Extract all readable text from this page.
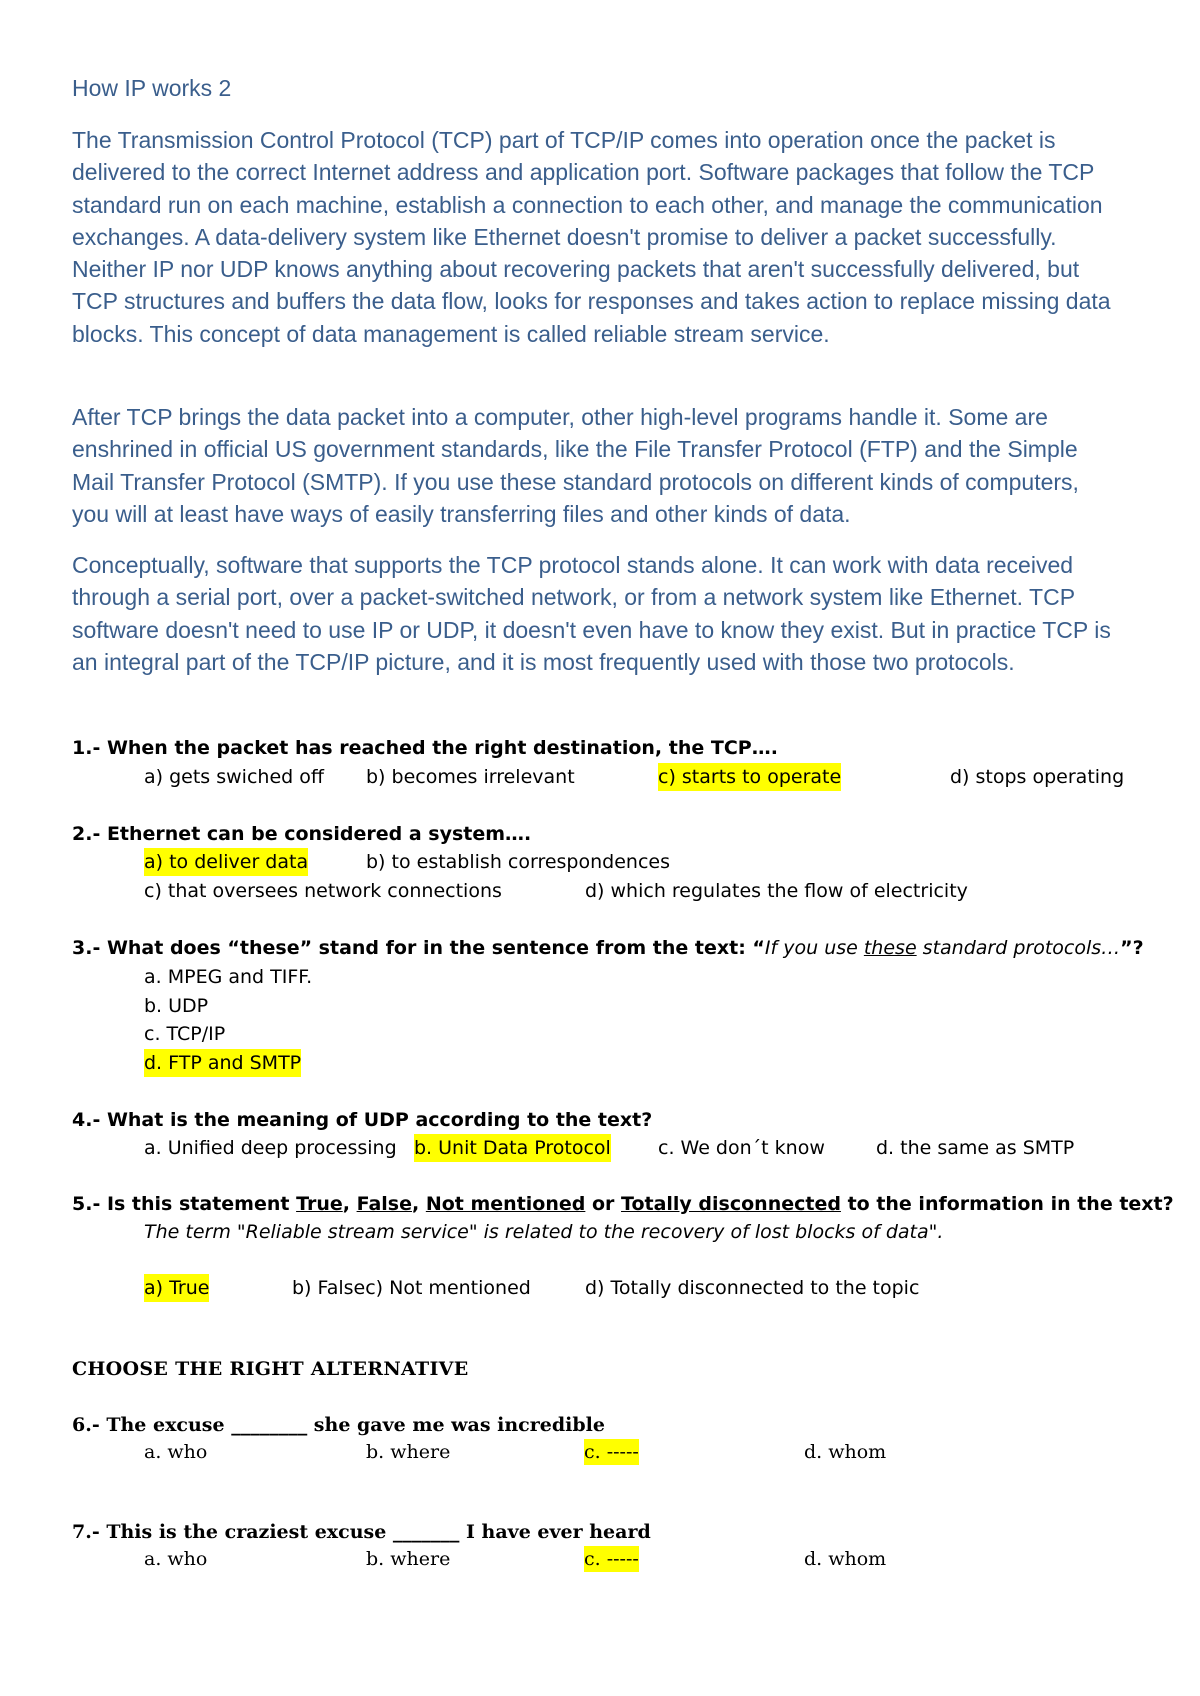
How IP works 2

The Transmission Control Protocol (TCP) part of TCP/IP comes into operation once the packet is delivered to the correct Internet address and application port. Software packages that follow the TCP standard run on each machine, establish a connection to each other, and manage the communication exchanges. A data-delivery system like Ethernet doesn't promise to deliver a packet successfully. Neither IP nor UDP knows anything about recovering packets that aren't successfully delivered, but TCP structures and buffers the data flow, looks for responses and takes action to replace missing data blocks. This concept of data management is called reliable stream service.

After TCP brings the data packet into a computer, other high-level programs handle it. Some are enshrined in official US government standards, like the File Transfer Protocol (FTP) and the Simple Mail Transfer Protocol (SMTP). If you use these standard protocols on different kinds of computers, you will at least have ways of easily transferring files and other kinds of data.

Conceptually, software that supports the TCP protocol stands alone. It can work with data received through a serial port, over a packet-switched network, or from a network system like Ethernet. TCP software doesn't need to use IP or UDP, it doesn't even have to know they exist. But in practice TCP is an integral part of the TCP/IP picture, and it is most frequently used with those two protocols.

1.- When the packet has reached the right destination, the TCP….
a) gets swiched off b) becomes irrelevant	c) starts to operate	d) stops operating
2.- Ethernet can be considered a system….
a) to deliver data	b) to establish correspondences
c) that oversees network connections	d) which regulates the flow of electricity
3.- What does “these” stand for in the sentence from the text: “If you use these standard protocols…”?
a. MPEG and TIFF.
b. UDP
c. TCP/IP
d. FTP and SMTP
4.- What is the meaning of UDP according to the text?
a. Unified deep processing b. Unit Data Protocol c. We don´t know	d. the same as SMTP
5.- Is this statement True, False, Not mentioned or Totally disconnected to the information in the text?
The term "Reliable stream service" is related to the recovery of lost blocks of data".
a) True	b) Falsec) Not mentioned	d) Totally disconnected to the topic
CHOOSE THE RIGHT ALTERNATIVE
6.- The excuse ________ she gave me was incredible
a. who	b. where	c. -----	d. whom
7.- This is the craziest excuse _______ I have ever heard
a. who	b. where	c. -----	d. whom
